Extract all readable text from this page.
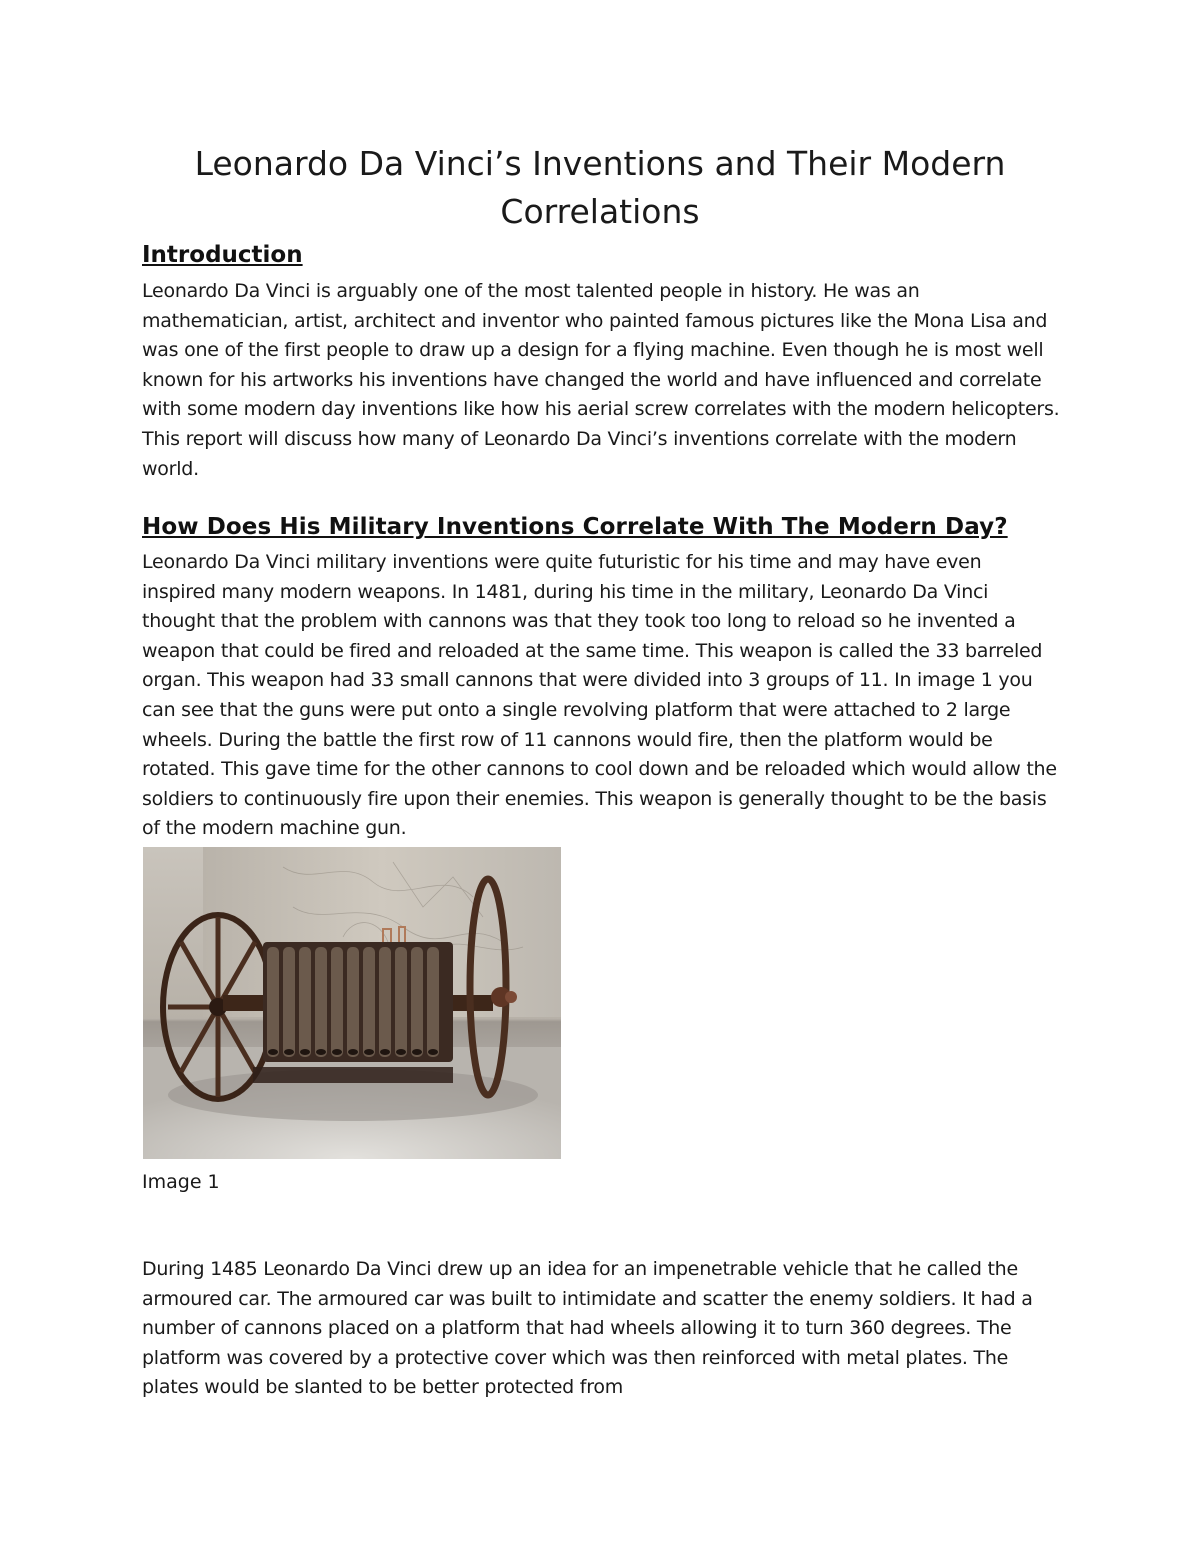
Leonardo Da Vinci’s Inventions and Their Modern Correlations
Introduction

Leonardo Da Vinci is arguably one of the most talented people in history. He was an mathematician, artist, architect and inventor who painted famous pictures like the Mona Lisa and was one of the first people to draw up a design for a flying machine. Even though he is most well known for his artworks his inventions have changed the world and have influenced and correlate with some modern day inventions like how his aerial screw correlates with the modern helicopters. This report will discuss how many of Leonardo Da Vinci’s inventions correlate with the modern world.

How Does His Military Inventions Correlate With The Modern Day?

Leonardo Da Vinci military inventions were quite futuristic for his time and may have even inspired many modern weapons. In 1481, during his time in the military, Leonardo Da Vinci thought that the problem with cannons was that they took too long to reload so he invented a weapon that could be fired and reloaded at the same time. This weapon is called the 33 barreled organ. This weapon had 33 small cannons that were divided into 3 groups of 11. In image 1 you can see that the guns were put onto a single revolving platform that were attached to 2 large wheels. During the battle the first row of 11 cannons would fire, then the platform would be rotated. This gave time for the other cannons to cool down and be reloaded which would allow the soldiers to continuously fire upon their enemies. This weapon is generally thought to be the basis of the modern machine gun.

Image 1

During 1485 Leonardo Da Vinci drew up an idea for an impenetrable vehicle that he called the armoured car. The armoured car was built to intimidate and scatter the enemy soldiers. It had a number of cannons placed on a platform that had wheels allowing it to turn 360 degrees. The platform was covered by a protective cover which was then reinforced with metal plates. The plates would be slanted to be better protected from
